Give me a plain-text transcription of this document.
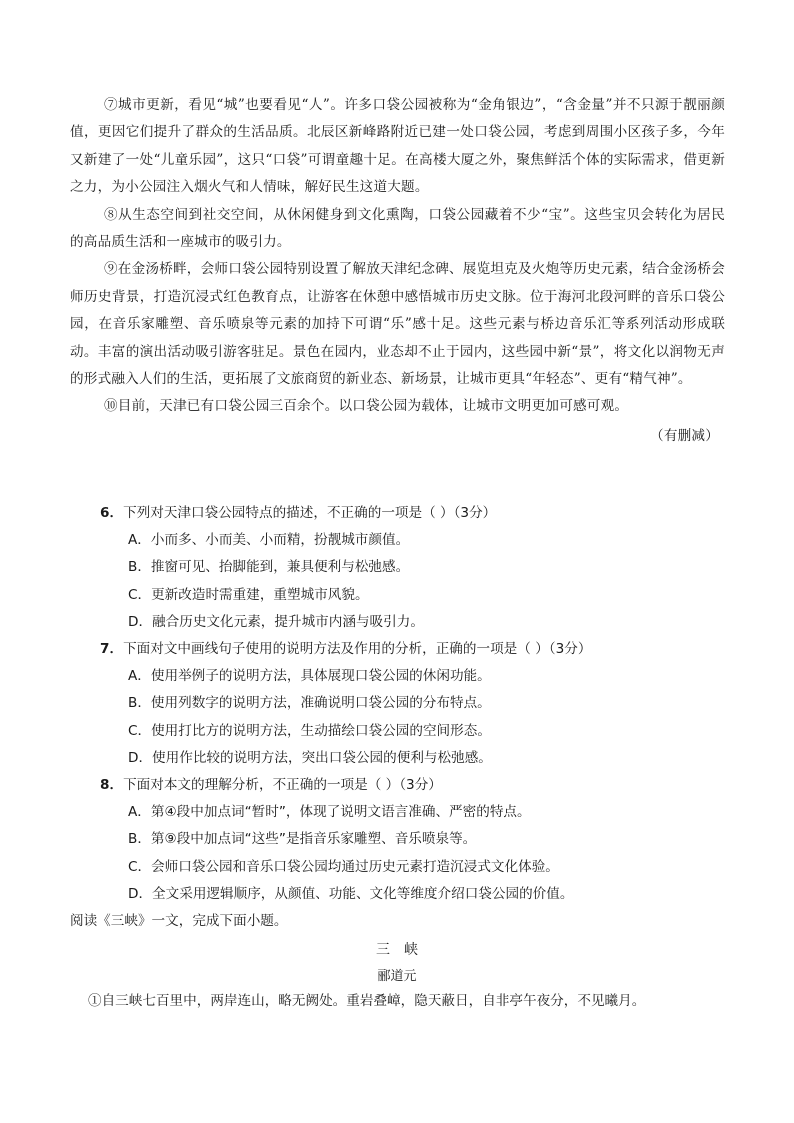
⑦城市更新，看见“城”也要看见“人”。许多口袋公园被称为“金角银边”，“含金量”并不只源于靓丽颜值，更因它们提升了群众的生活品质。北辰区新峰路附近已建一处口袋公园，考虑到周围小区孩子多，今年又新建了一处“儿童乐园”，这只“口袋”可谓童趣十足。在高楼大厦之外，聚焦鲜活个体的实际需求，借更新之力，为小公园注入烟火气和人情味，解好民生这道大题。

⑧从生态空间到社交空间，从休闲健身到文化熏陶，口袋公园藏着不少“宝”。这些宝贝会转化为居民的高品质生活和一座城市的吸引力。

⑨在金汤桥畔，会师口袋公园特别设置了解放天津纪念碑、展览坦克及火炮等历史元素，结合金汤桥会师历史背景，打造沉浸式红色教育点，让游客在休憩中感悟城市历史文脉。位于海河北段河畔的音乐口袋公园，在音乐家雕塑、音乐喷泉等元素的加持下可谓“乐”感十足。这些元素与桥边音乐汇等系列活动形成联动。丰富的演出活动吸引游客驻足。景色在园内，业态却不止于园内，这些园中新“景”，将文化以润物无声的形式融入人们的生活，更拓展了文旅商贸的新业态、新场景，让城市更具“年轻态”、更有“精气神”。

⑩目前，天津已有口袋公园三百余个。以口袋公园为载体，让城市文明更加可感可观。

（有删减）

6．下列对天津口袋公园特点的描述，不正确的一项是（ ）（3分）

A．小而多、小而美、小而精，扮靓城市颜值。

B．推窗可见、抬脚能到，兼具便利与松弛感。

C．更新改造时需重建，重塑城市风貌。

D．融合历史文化元素，提升城市内涵与吸引力。

7．下面对文中画线句子使用的说明方法及作用的分析，正确的一项是（ ）（3分）

A．使用举例子的说明方法，具体展现口袋公园的休闲功能。

B．使用列数字的说明方法，准确说明口袋公园的分布特点。

C．使用打比方的说明方法，生动描绘口袋公园的空间形态。

D．使用作比较的说明方法，突出口袋公园的便利与松弛感。

8．下面对本文的理解分析，不正确的一项是（ ）（3分）

A．第④段中加点词“暂时”，体现了说明文语言准确、严密的特点。

B．第⑨段中加点词“这些”是指音乐家雕塑、音乐喷泉等。

C．会师口袋公园和音乐口袋公园均通过历史元素打造沉浸式文化体验。

D．全文采用逻辑顺序，从颜值、功能、文化等维度介绍口袋公园的价值。

阅读《三峡》一文，完成下面小题。

三峡
郦道元

①自三峡七百里中，两岸连山，略无阙处。重岩叠嶂，隐天蔽日，自非亭午夜分，不见曦月。
